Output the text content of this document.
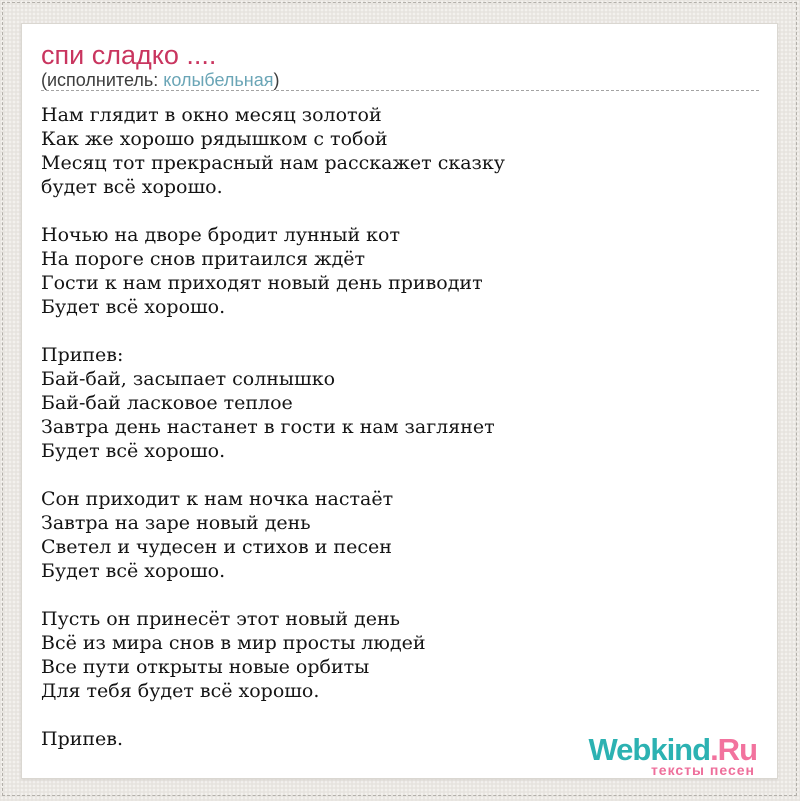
спи сладко ....
(исполнитель: колыбельная)

Нам глядит в окно месяц золотой
Как же хорошо рядышком с тобой
Месяц тот прекрасный нам расскажет сказку
будет всё хорошо.

Ночью на дворе бродит лунный кот
На пороге снов притаился ждёт
Гости к нам приходят новый день приводит
Будет всё хорошо.

Припев:
Бай-бай, засыпает солнышко
Бай-бай ласковое теплое
Завтра день настанет в гости к нам заглянет
Будет всё хорошо.

Сон приходит к нам ночка настаёт
Завтра на заре новый день
Светел и чудесен и стихов и песен
Будет всё хорошо.

Пусть он принесёт этот новый день
Всё из мира снов в мир просты людей
Все пути открыты новые орбиты
Для тебя будет всё хорошо.

Припев.	Webkind.Ru
тексты песен
